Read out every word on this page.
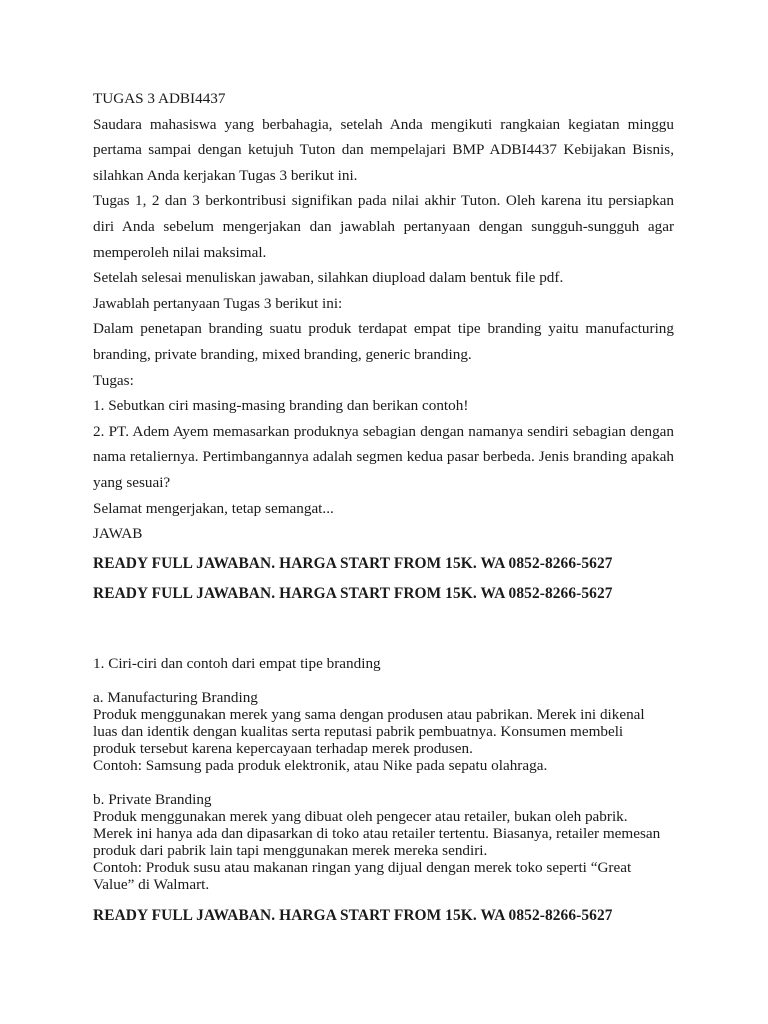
TUGAS 3 ADBI4437

Saudara mahasiswa yang berbahagia, setelah Anda mengikuti rangkaian kegiatan minggu pertama sampai dengan ketujuh Tuton dan mempelajari BMP ADBI4437 Kebijakan Bisnis, silahkan Anda kerjakan Tugas 3 berikut ini.

Tugas 1, 2 dan 3 berkontribusi signifikan pada nilai akhir Tuton. Oleh karena itu persiapkan diri Anda sebelum mengerjakan dan jawablah pertanyaan dengan sungguh-sungguh agar memperoleh nilai maksimal.

Setelah selesai menuliskan jawaban, silahkan diupload dalam bentuk file pdf.

Jawablah pertanyaan Tugas 3 berikut ini:

Dalam penetapan branding suatu produk terdapat empat tipe branding yaitu manufacturing branding, private branding, mixed branding, generic branding.

Tugas:

1. Sebutkan ciri masing-masing branding dan berikan contoh!

2. PT. Adem Ayem memasarkan produknya sebagian dengan namanya sendiri sebagian dengan nama retaliernya. Pertimbangannya adalah segmen kedua pasar berbeda. Jenis branding apakah yang sesuai?

Selamat mengerjakan, tetap semangat...

JAWAB

READY FULL JAWABAN. HARGA START FROM 15K. WA 0852-8266-5627

READY FULL JAWABAN. HARGA START FROM 15K. WA 0852-8266-5627

1. Ciri-ciri dan contoh dari empat tipe branding

a. Manufacturing Branding

Produk menggunakan merek yang sama dengan produsen atau pabrikan. Merek ini dikenal

luas dan identik dengan kualitas serta reputasi pabrik pembuatnya. Konsumen membeli

produk tersebut karena kepercayaan terhadap merek produsen.

Contoh: Samsung pada produk elektronik, atau Nike pada sepatu olahraga.

b. Private Branding

Produk menggunakan merek yang dibuat oleh pengecer atau retailer, bukan oleh pabrik.

Merek ini hanya ada dan dipasarkan di toko atau retailer tertentu. Biasanya, retailer memesan

produk dari pabrik lain tapi menggunakan merek mereka sendiri.

Contoh: Produk susu atau makanan ringan yang dijual dengan merek toko seperti “Great

Value” di Walmart.

READY FULL JAWABAN. HARGA START FROM 15K. WA 0852-8266-5627
